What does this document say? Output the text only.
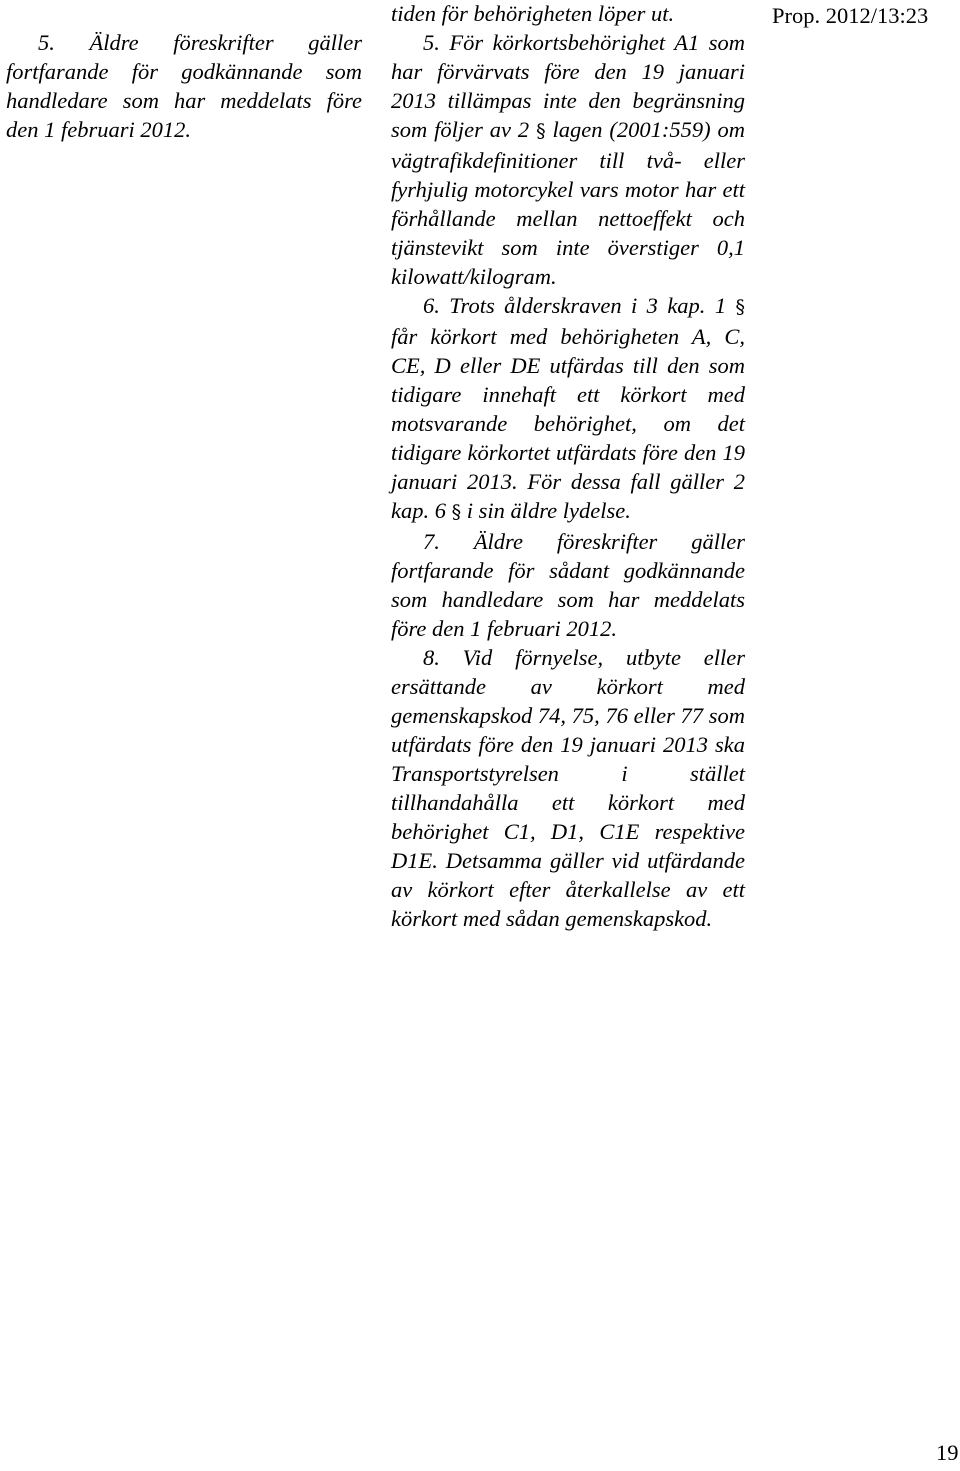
Prop. 2012/13:23

5. Äldre föreskrifter gäller fortfarande för godkännande som handledare som har meddelats före den 1 februari 2012.

tiden för behörigheten löper ut.

5. För körkortsbehörighet A1 som har förvärvats före den 19 januari 2013 tillämpas inte den begränsning som följer av 2 § lagen (2001:559) om vägtrafikdefinitioner till två- eller fyrhjulig motorcykel vars motor har ett förhållande mellan nettoeffekt och tjänstevikt som inte överstiger 0,1 kilowatt/kilogram.

6. Trots ålderskraven i 3 kap. 1 § får körkort med behörigheten A, C, CE, D eller DE utfärdas till den som tidigare innehaft ett körkort med motsvarande behörighet, om det tidigare körkortet utfärdats före den 19 januari 2013. För dessa fall gäller 2 kap. 6 § i sin äldre lydelse.

7. Äldre föreskrifter gäller fortfarande för sådant godkännande som handledare som har meddelats före den 1 februari 2012.

8. Vid förnyelse, utbyte eller ersättande av körkort med gemenskapskod 74, 75, 76 eller 77 som utfärdats före den 19 januari 2013 ska Transportstyrelsen i stället tillhandahålla ett körkort med behörighet C1, D1, C1E respektive D1E. Detsamma gäller vid utfärdande av körkort efter återkallelse av ett körkort med sådan gemenskapskod.

19
